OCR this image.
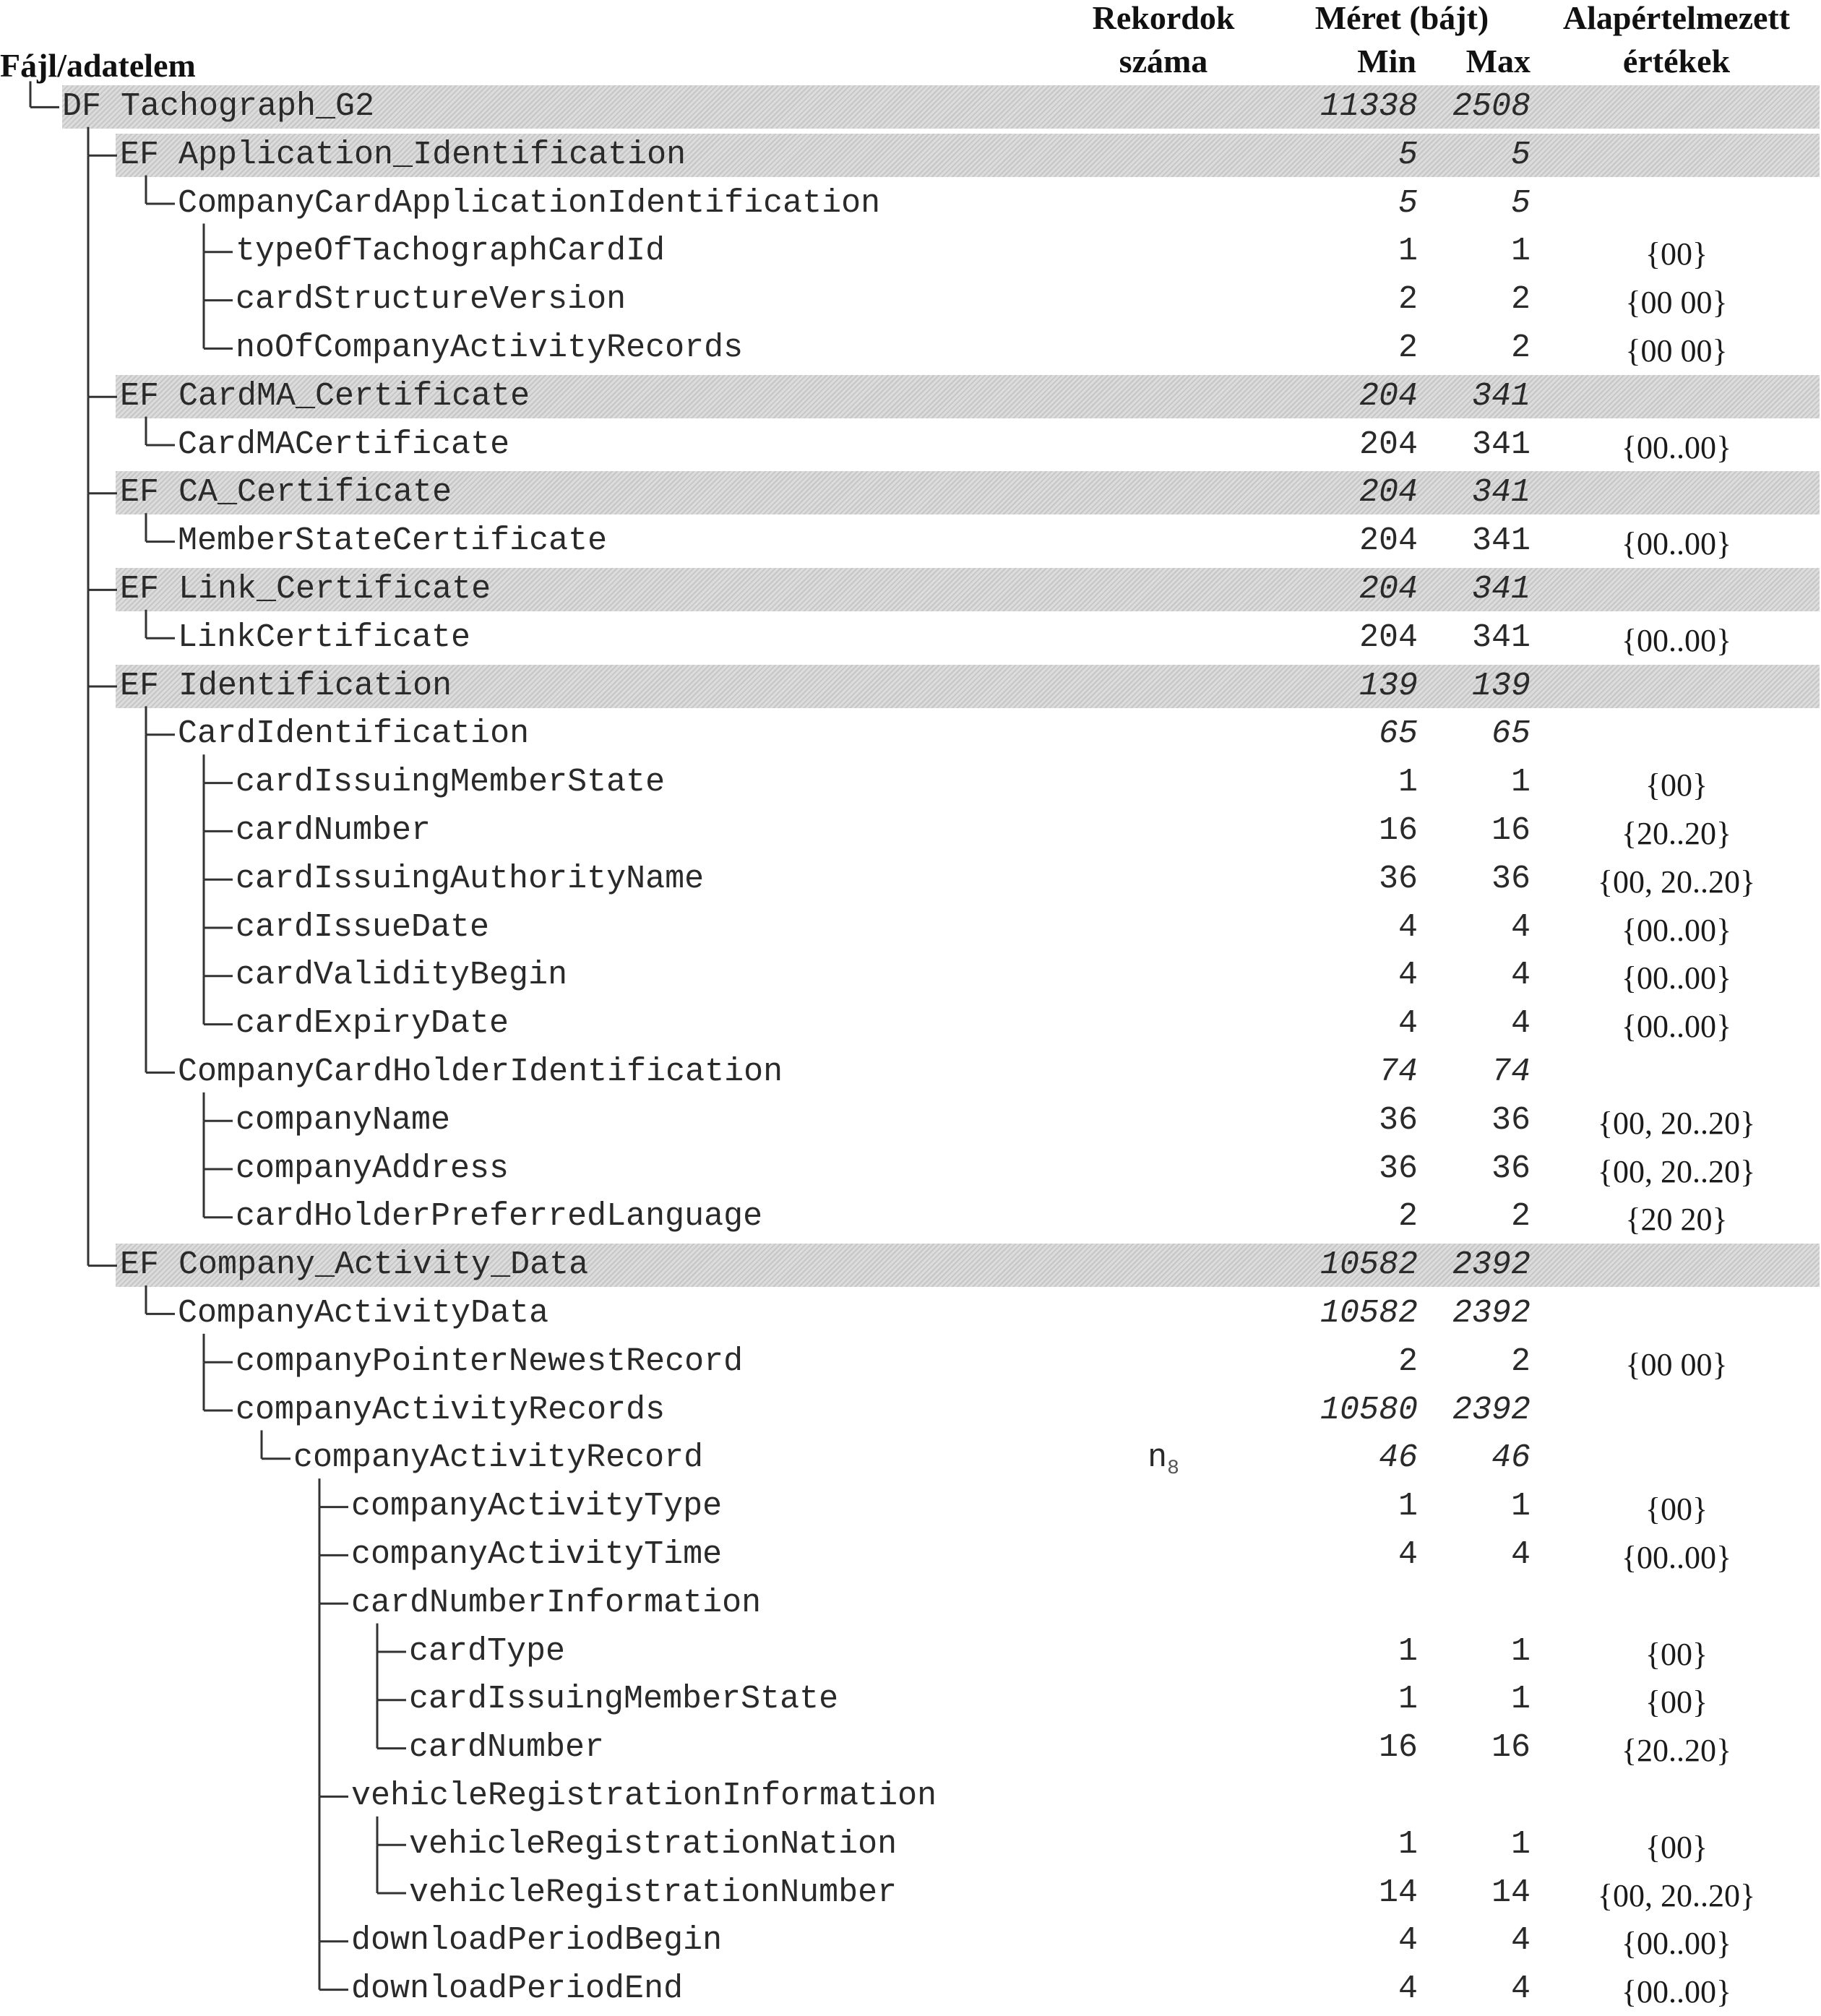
Rekordok
száma
Méret (bájt)
Min	Max
Alapértelmezett
értékek
Fájl/adatelem
DF Tachograph_G2	11338	2508
EF Application_Identification	5	5
CompanyCardApplicationIdentification	5	5
typeOfTachographCardId	1	1	{00}
cardStructureVersion	2	2	{00 00}
noOfCompanyActivityRecords	2	2	{00 00}
EF CardMA_Certificate	204	341
CardMACertificate	204	341	{00..00}
EF CA_Certificate	204	341
MemberStateCertificate	204	341	{00..00}
EF Link_Certificate	204	341
LinkCertificate	204	341	{00..00}
EF Identification	139	139
CardIdentification	65	65
cardIssuingMemberState	1	1	{00}
cardNumber	16	16	{20..20}
cardIssuingAuthorityName	36	36	{00, 20..20}
cardIssueDate	4	4	{00..00}
cardValidityBegin	4	4	{00..00}
cardExpiryDate	4	4	{00..00}
CompanyCardHolderIdentification	74	74
companyName	36	36	{00, 20..20}
companyAddress	36	36	{00, 20..20}
cardHolderPreferredLanguage	2	2	{20 20}
EF Company_Activity_Data	10582	2392
CompanyActivityData	10582	2392
companyPointerNewestRecord	2	2	{00 00}
companyActivityRecords	10580	2392
companyActivityRecord	$n_8$	46	46
companyActivityType	1	1	{00}
companyActivityTime	4	4	{00..00}
cardNumberInformation
cardType	1	1	{00}
cardIssuingMemberState	1	1	{00}
cardNumber	16	16	{20..20}
vehicleRegistrationInformation
vehicleRegistrationNation	1	1	{00}
vehicleRegistrationNumber	14	14	{00, 20..20}
downloadPeriodBegin	4	4	{00..00}
downloadPeriodEnd	4	4	{00..00}
